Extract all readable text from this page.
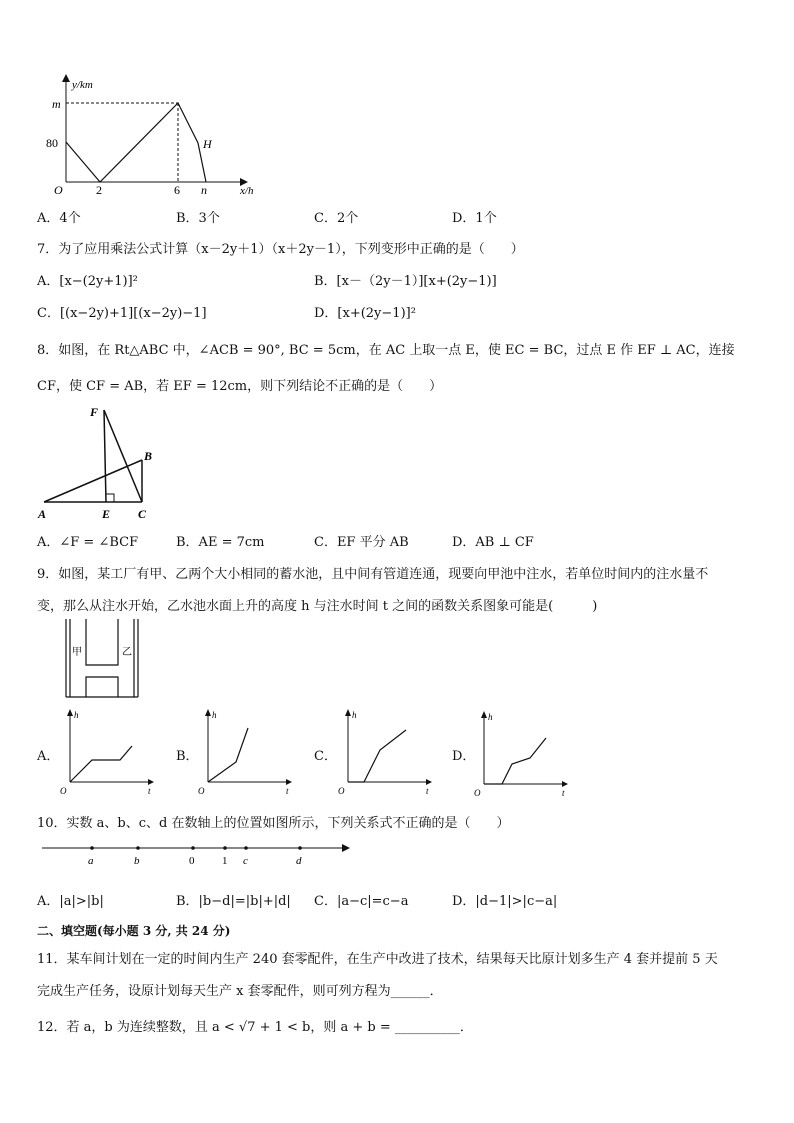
y/km
x/h
m
80
O	2	6 n
H
A．4个	B．3个	C．2个	D．1个
7．为了应用乘法公式计算（x－2y＋1）（x＋2y－1），下列变形中正确的是（　　）
A．[x−(2y+1)]²	B．[x－（2y－1）][x+(2y−1)]
C．[(x−2y)+1][(x−2y)−1]	D．[x+(2y−1)]²
8．如图，在 Rt△ABC 中，∠ACB = 90°, BC = 5cm，在 AC 上取一点 E，使 EC = BC，过点 E 作 EF ⊥ AC，连接
CF，使 CF = AB，若 EF = 12cm，则下列结论不正确的是（　　）
F
B
A	E C
A．∠F = ∠BCF	B．AE = 7cm	C．EF 平分 AB	D．AB ⊥ CF
9．如图，某工厂有甲、乙两个大小相同的蓄水池，且中间有管道连通，现要向甲池中注水，若单位时间内的注水量不
变，那么从注水开始，乙水池水面上升的高度 h 与注水时间 t 之间的函数关系图象可能是(　　　)
甲	乙
A．
h
t
O
B．
h
t
O
C．
h
t
O
D．
h
t
O
10．实数 a、b、c、d 在数轴上的位置如图所示，下列关系式不正确的是（　　）
a	b	0	1 c	d
A．|a|>|b|	B．|b−d|=|b|+|d| C．|a−c|=c−a	D．|d−1|>|c−a|
二、填空题(每小题 3 分, 共 24 分)
11．某车间计划在一定的时间内生产 240 套零配件，在生产中改进了技术，结果每天比原计划多生产 4 套并提前 5 天
完成生产任务，设原计划每天生产 x 套零配件，则可列方程为______．
12．若 a，b 为连续整数，且 a < √7 + 1 < b，则 a + b = __________．
